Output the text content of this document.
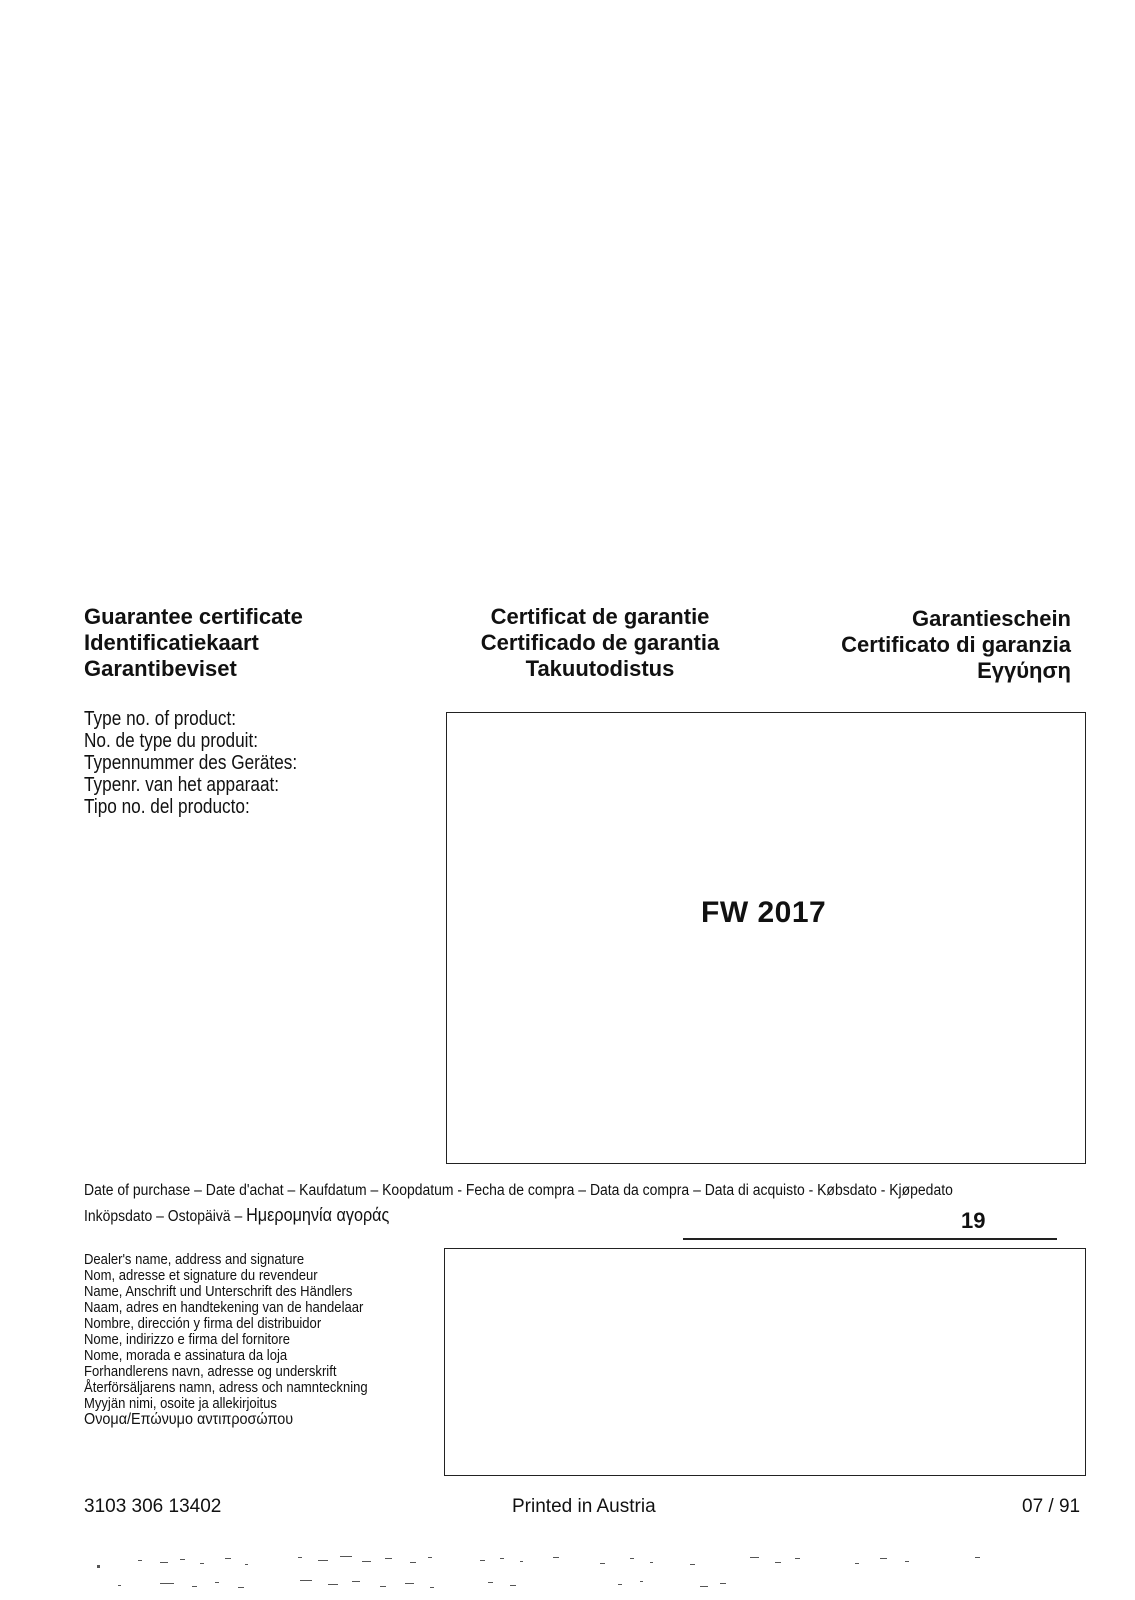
Guarantee certificate
Identificatiekaart
Garantibeviset
Certificat de garantie
Certificado de garantia
Takuutodistus
Garantieschein
Certificato di garanzia
Εγγύηση
Type no. of product:
No. de type du produit:
Typennummer des Gerätes:
Typenr. van het apparaat:
Tipo no. del producto:
FW 2017
Date of purchase – Date d'achat – Kaufdatum – Koopdatum - Fecha de compra – Data da compra – Data di acquisto - Købsdato - Kjøpedato
Inköpsdato – Ostopäivä – Ημερομηνία αγοράς	19
Dealer's name, address and signature
Nom, adresse et signature du revendeur
Name, Anschrift und Unterschrift des Händlers
Naam, adres en handtekening van de handelaar
Nombre, dirección y firma del distribuidor
Nome, indirizzo e firma del fornitore
Nome, morada e assinatura da loja
Forhandlerens navn, adresse og underskrift
Återförsäljarens namn, adress och namnteckning
Myyjän nimi, osoite ja allekirjoitus
Ονομα/Επώνυμο αντιπροσώπου
3103 306 13402	Printed in Austria	07 / 91
